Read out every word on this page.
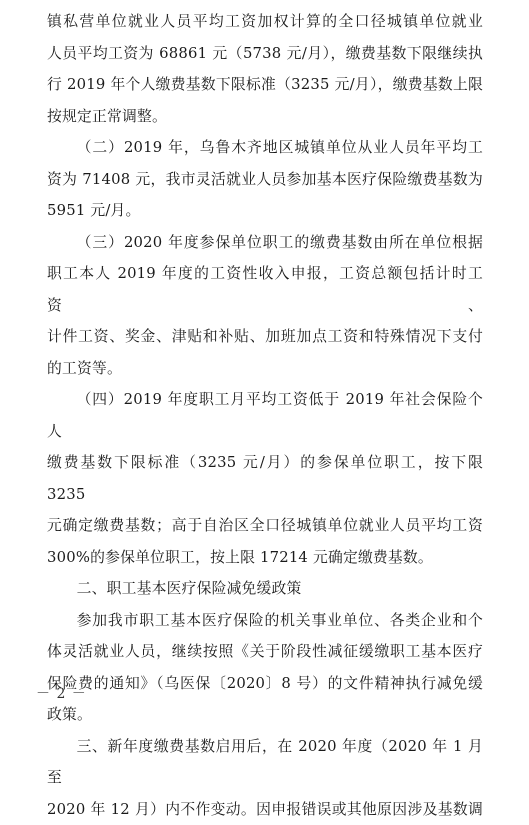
镇私营单位就业人员平均工资加权计算的全口径城镇单位就业
人员平均工资为 68861 元（5738 元/月），缴费基数下限继续执
行 2019 年个人缴费基数下限标准（3235 元/月），缴费基数上限
按规定正常调整。
（二）2019 年，乌鲁木齐地区城镇单位从业人员年平均工
资为 71408 元，我市灵活就业人员参加基本医疗保险缴费基数为
5951 元/月。
（三）2020 年度参保单位职工的缴费基数由所在单位根据
职工本人 2019 年度的工资性收入申报，工资总额包括计时工资、
计件工资、奖金、津贴和补贴、加班加点工资和特殊情况下支付
的工资等。
（四）2019 年度职工月平均工资低于 2019 年社会保险个人
缴费基数下限标准（3235 元/月）的参保单位职工，按下限 3235
元确定缴费基数；高于自治区全口径城镇单位就业人员平均工资
300%的参保单位职工，按上限 17214 元确定缴费基数。
二、职工基本医疗保险减免缓政策
参加我市职工基本医疗保险的机关事业单位、各类企业和个
体灵活就业人员，继续按照《关于阶段性减征缓缴职工基本医疗
保险费的通知》（乌医保〔2020〕8 号）的文件精神执行减免缓
政策。
三、新年度缴费基数启用后，在 2020 年度（2020 年 1 月至
2020 年 12 月）内不作变动。因申报错误或其他原因涉及基数调
－ 2 －
